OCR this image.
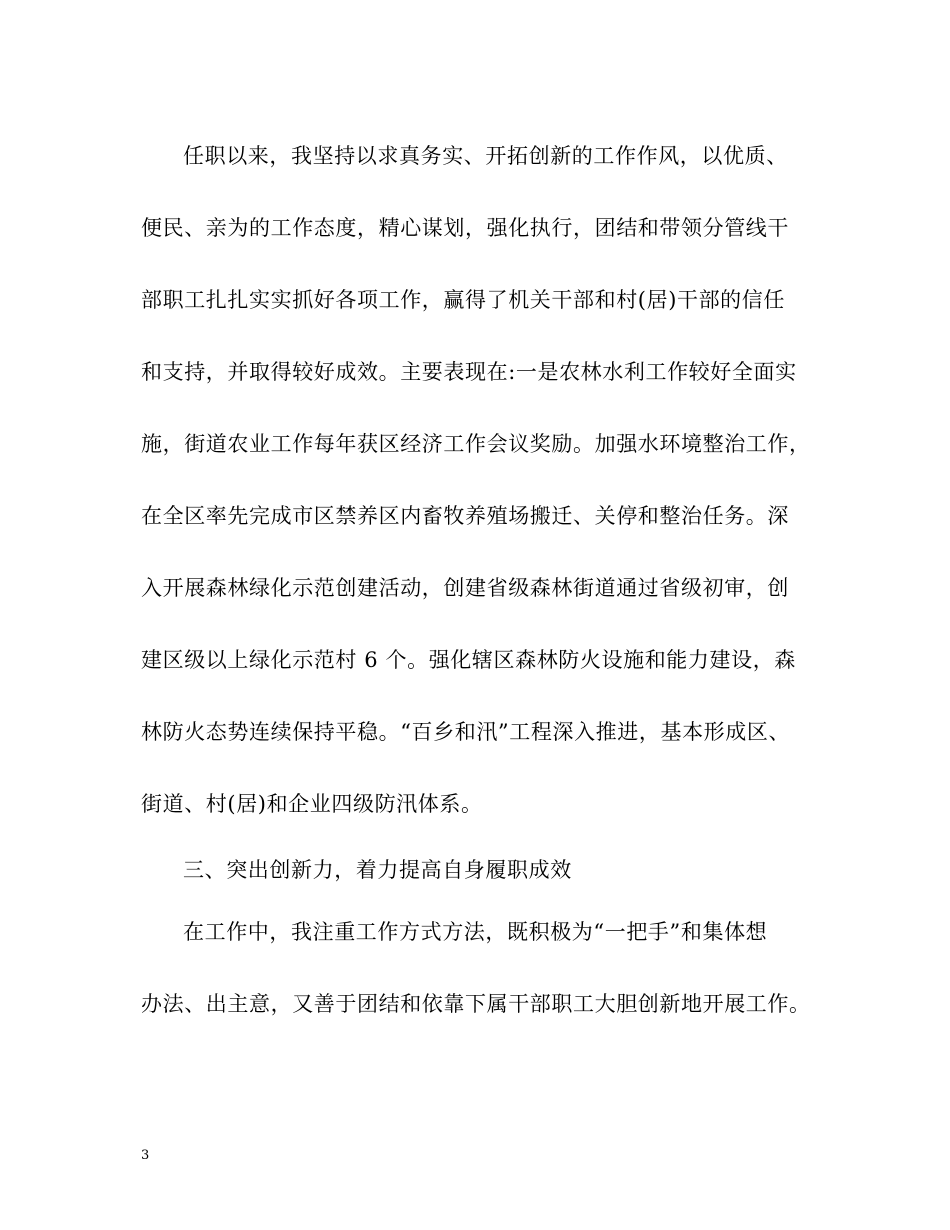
任职以来，我坚持以求真务实、开拓创新的工作作风，以优质、
便民、亲为的工作态度，精心谋划，强化执行，团结和带领分管线干
部职工扎扎实实抓好各项工作，赢得了机关干部和村(居)干部的信任
和支持，并取得较好成效。主要表现在:一是农林水利工作较好全面实
施，街道农业工作每年获区经济工作会议奖励。加强水环境整治工作，
在全区率先完成市区禁养区内畜牧养殖场搬迁、关停和整治任务。深
入开展森林绿化示范创建活动，创建省级森林街道通过省级初审，创
建区级以上绿化示范村 6 个。强化辖区森林防火设施和能力建设，森
林防火态势连续保持平稳。“百乡和汛”工程深入推进，基本形成区、
街道、村(居)和企业四级防汛体系。
三、突出创新力，着力提高自身履职成效
在工作中，我注重工作方式方法，既积极为“一把手”和集体想
办法、出主意，又善于团结和依靠下属干部职工大胆创新地开展工作。
3
